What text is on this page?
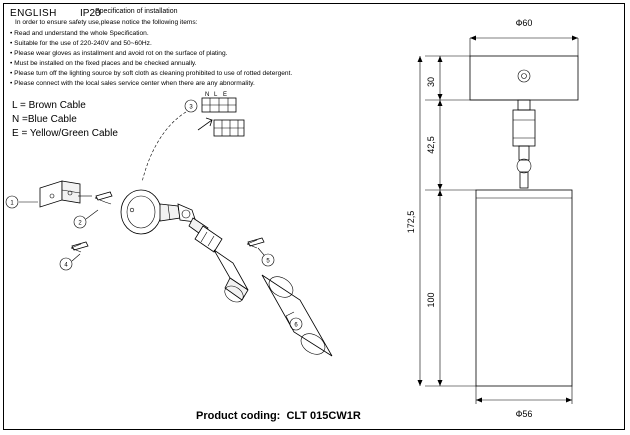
ENGLISH IP20
Specification of installation
In order to ensure safety use,please notice the following items:
• Read and understand the whole Specification.
• Suitable for the use of 220-240V and 50~60Hz.
• Please wear gloves as installment and avoid rot on the surface of plating.
• Must be installed on the fixed places and be checked annually.
• Please turn off the lighting source by soft cloth as cleaning prohibited to use of rotted detergent.
• Please connect with the local sales service center when there are any abnormality.
L = Brown Cable
N =Blue Cable
E = Yellow/Green Cable
Product coding:  CLT 015CW1R
3
N L E
1
2
4
5
6
Ф60
30
42,5
100
172,5
Ф56
